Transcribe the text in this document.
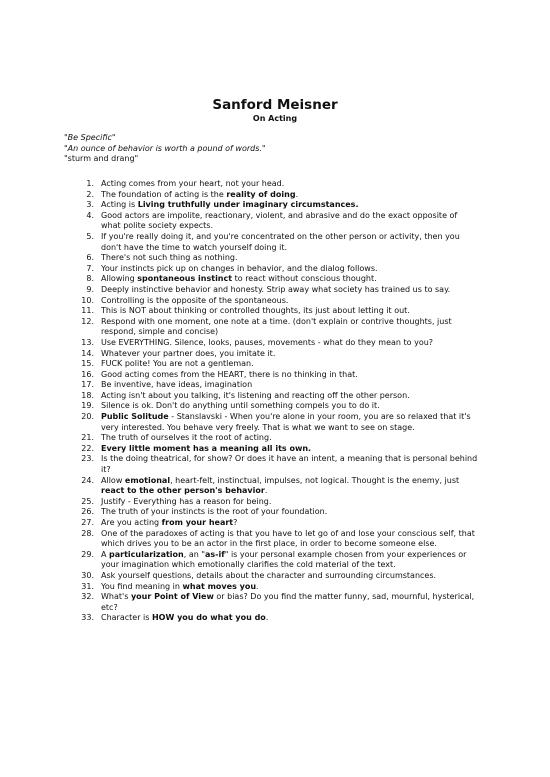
Sanford Meisner
On Acting
"Be Specific"
"An ounce of behavior is worth a pound of words."
"sturm and drang"
1. Acting comes from your heart, not your head.
2. The foundation of acting is the reality of doing.
3. Acting is Living truthfully under imaginary circumstances.
4. Good actors are impolite, reactionary, violent, and abrasive and do the exact opposite of what polite society expects.
5. If you're really doing it, and you're concentrated on the other person or activity, then you don't have the time to watch yourself doing it.
6. There's not such thing as nothing.
7. Your instincts pick up on changes in behavior, and the dialog follows.
8. Allowing spontaneous instinct to react without conscious thought.
9. Deeply instinctive behavior and honesty. Strip away what society has trained us to say.
10. Controlling is the opposite of the spontaneous.
11. This is NOT about thinking or controlled thoughts, its just about letting it out.
12. Respond with one moment, one note at a time. (don't explain or contrive thoughts, just respond, simple and concise)
13. Use EVERYTHING. Silence, looks, pauses, movements - what do they mean to you?
14. Whatever your partner does, you imitate it.
15. FUCK polite! You are not a gentleman.
16. Good acting comes from the HEART, there is no thinking in that.
17. Be inventive, have ideas, imagination
18. Acting isn't about you talking, it's listening and reacting off the other person.
19. Silence is ok. Don't do anything until something compels you to do it.
20. Public Solitude - Stanslavski - When you're alone in your room, you are so relaxed that it's very interested. You behave very freely. That is what we want to see on stage.
21. The truth of ourselves it the root of acting.
22. Every little moment has a meaning all its own.
23. Is the doing theatrical, for show? Or does it have an intent, a meaning that is personal behind it?
24. Allow emotional, heart-felt, instinctual, impulses, not logical. Thought is the enemy, just react to the other person's behavior.
25. Justify - Everything has a reason for being.
26. The truth of your instincts is the root of your foundation.
27. Are you acting from your heart?
28. One of the paradoxes of acting is that you have to let go of and lose your conscious self, that which drives you to be an actor in the first place, in order to become someone else.
29. A particularization, an "as-if" is your personal example chosen from your experiences or your imagination which emotionally clarifies the cold material of the text.
30. Ask yourself questions, details about the character and surrounding circumstances.
31. You find meaning in what moves you.
32. What's your Point of View or bias? Do you find the matter funny, sad, mournful, hysterical, etc?
33. Character is HOW you do what you do.
